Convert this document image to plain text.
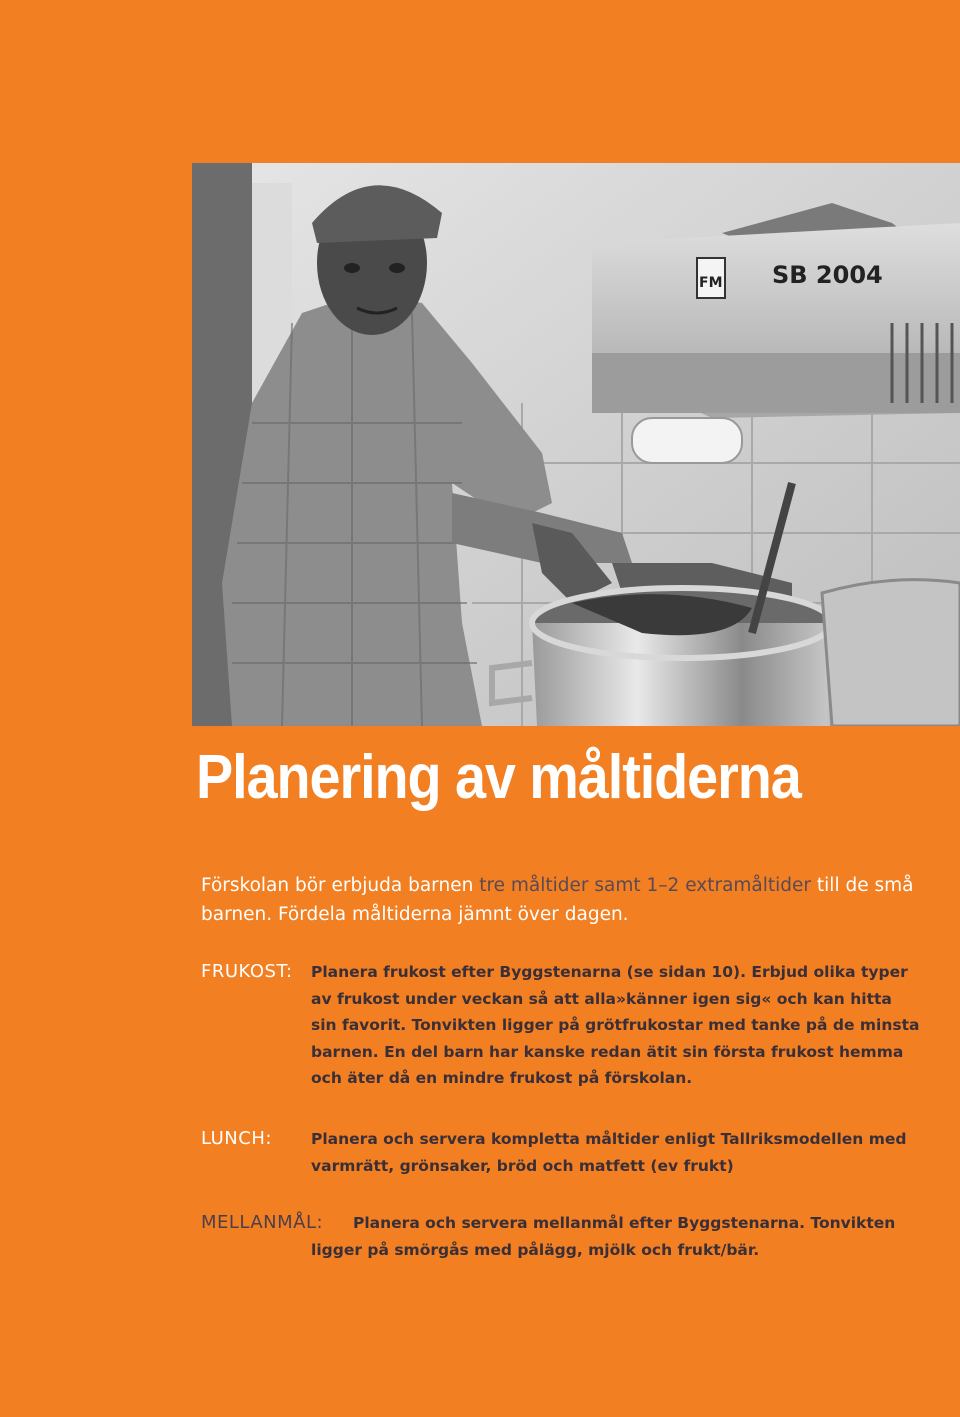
FM SB 2004
Planering av måltiderna

Förskolan bör erbjuda barnen tre måltider samt 1–2 extramåltider till de små barnen. Fördela måltiderna jämnt över dagen.

FRUKOST: Planera frukost efter Byggstenarna (se sidan 10). Erbjud olika typer av frukost under veckan så att alla»känner igen sig« och kan hitta sin favorit. Tonvikten ligger på grötfrukostar med tanke på de minsta barnen. En del barn har kanske redan ätit sin första frukost hemma och äter då en mindre frukost på förskolan.
LUNCH:	Planera och servera kompletta måltider enligt Tallriksmodellen med varmrätt, grönsaker, bröd och matfett (ev frukt)
MELLANMÅL:	Planera och servera mellanmål efter Byggstenarna. Tonvikten ligger på smörgås med pålägg, mjölk och frukt/bär.
